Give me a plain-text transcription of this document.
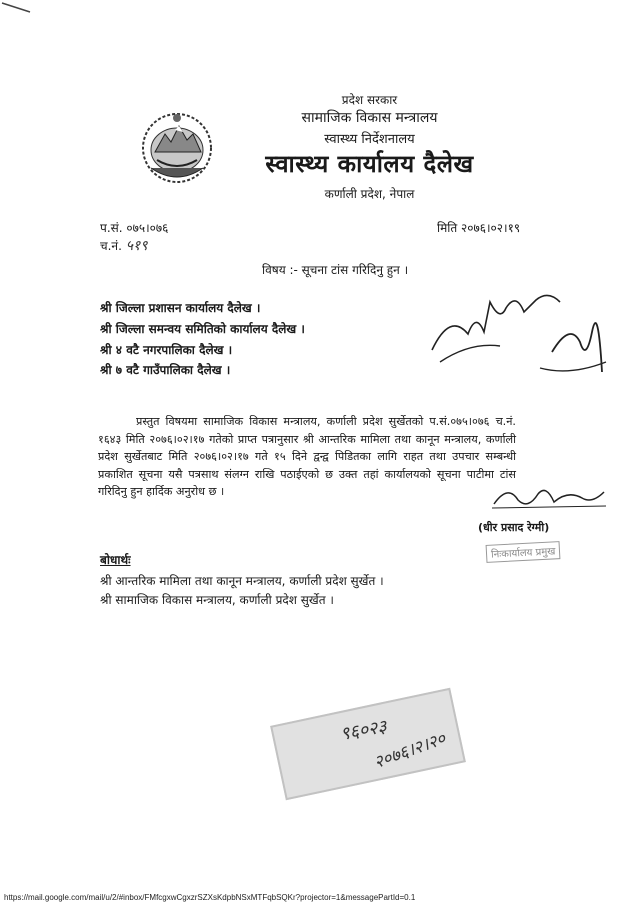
प्रदेश सरकार
सामाजिक विकास मन्त्रालय
स्वास्थ्य निर्देशनालय
स्वास्थ्य कार्यालय दैलेख
कर्णाली प्रदेश, नेपाल
प.सं. ०७५।०७६
च.नं. ५१९
मिति २०७६।०२।१९
विषय :- सूचना टांस गरिदिनु हुन ।
श्री जिल्ला प्रशासन कार्यालय दैलेख ।
श्री जिल्ला समन्वय समितिको कार्यालय दैलेख ।
श्री ४ वटै नगरपालिका दैलेख ।
श्री ७ वटै गाउँपालिका दैलेख ।
प्रस्तुत विषयमा सामाजिक विकास मन्त्रालय, कर्णाली प्रदेश सुर्खेतको प.सं.०७५।०७६ च.नं. १६४३ मिति २०७६।०२।१७ गतेको प्राप्त पत्रानुसार श्री आन्तरिक मामिला तथा कानून मन्त्रालय, कर्णाली प्रदेश सुर्खेतबाट मिति २०७६।०२।१७ गते १५ दिने द्वन्द्व पिडितका लागि राहत तथा उपचार सम्बन्धी प्रकाशित सूचना यसै पत्रसाथ संलग्न राखि पठाईएको छ उक्त तहां कार्यालयको सूचना पाटीमा टांस गरिदिनु हुन हार्दिक अनुरोध छ ।
(धीर प्रसाद रेग्मी)
निःकार्यालय प्रमुख
बोधार्थः
श्री आन्तरिक मामिला तथा कानून मन्त्रालय, कर्णाली प्रदेश सुर्खेत ।
श्री सामाजिक विकास मन्त्रालय, कर्णाली प्रदेश सुर्खेत ।
९६०२३
२०७६।२।२०
https://mail.google.com/mail/u/2/#inbox/FMfcgxwCgxzrSZXsKdpbNSxMTFqbSQKr?projector=1&messagePartId=0.1
